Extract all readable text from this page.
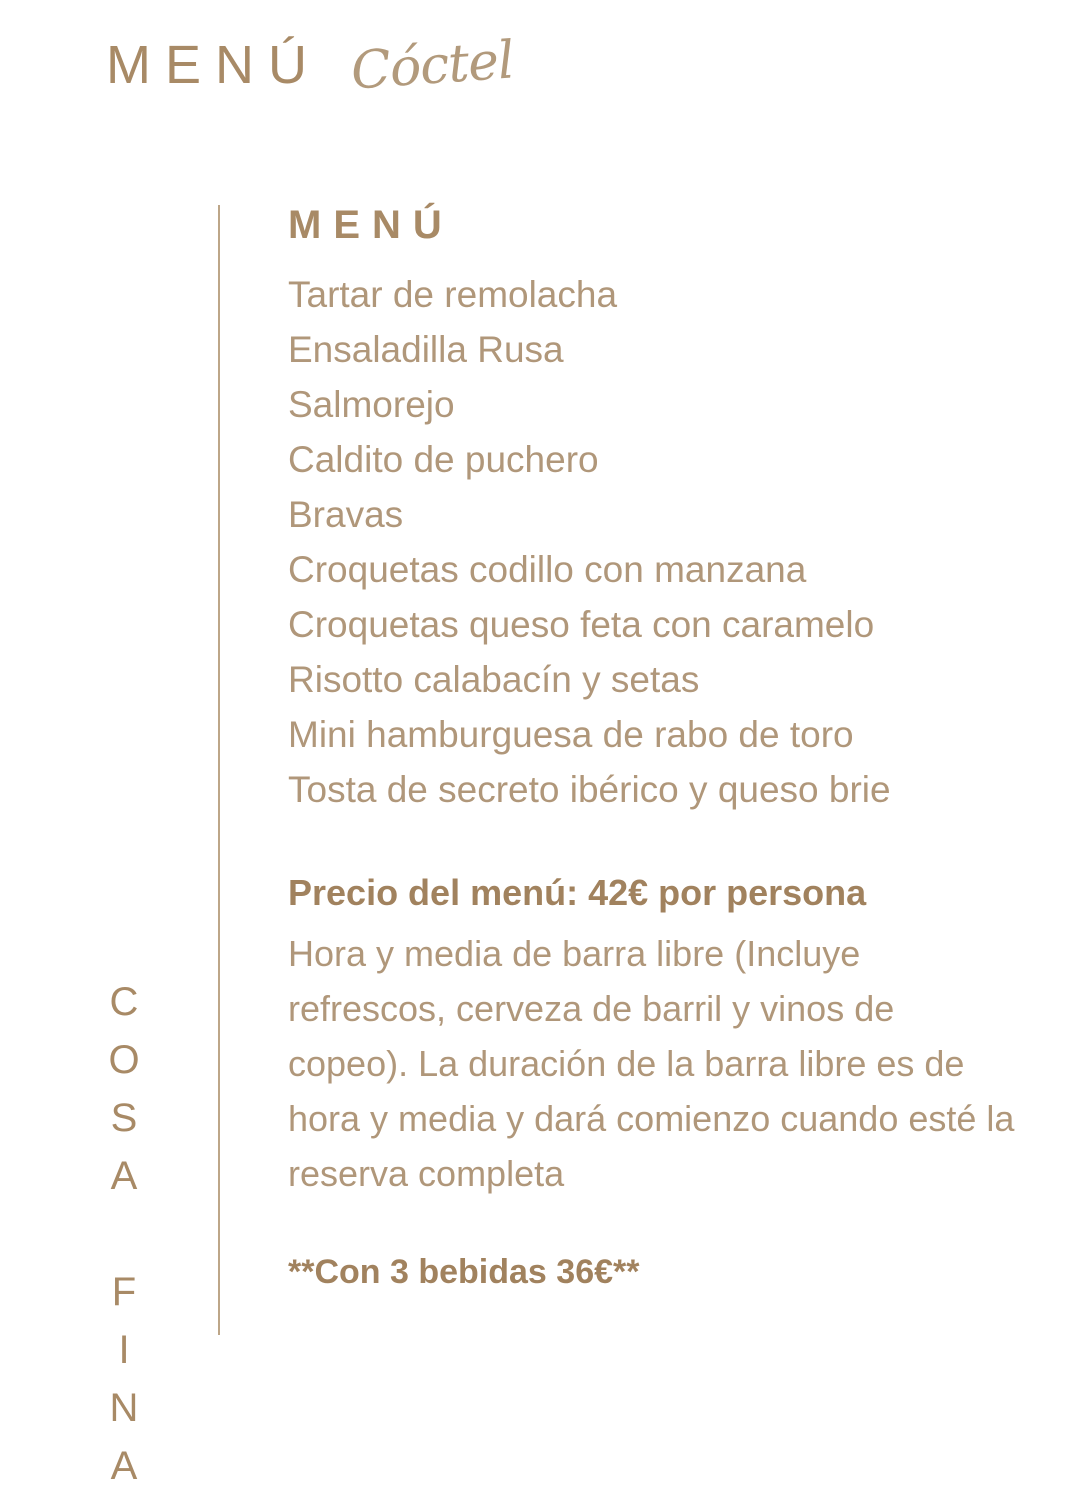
MENÚ Cóctel
COSA FINA
MENÚ
Tartar de remolacha
Ensaladilla Rusa
Salmorejo
Caldito de puchero
Bravas
Croquetas codillo con manzana
Croquetas queso feta con caramelo
Risotto calabacín y setas
Mini hamburguesa de rabo de toro
Tosta de secreto ibérico y queso brie
Precio del menú: 42€ por persona
Hora y media de barra libre (Incluye refrescos, cerveza de barril y vinos de copeo). La duración de la barra libre es de hora y media y dará comienzo cuando esté la reserva completa
**Con 3 bebidas 36€**
